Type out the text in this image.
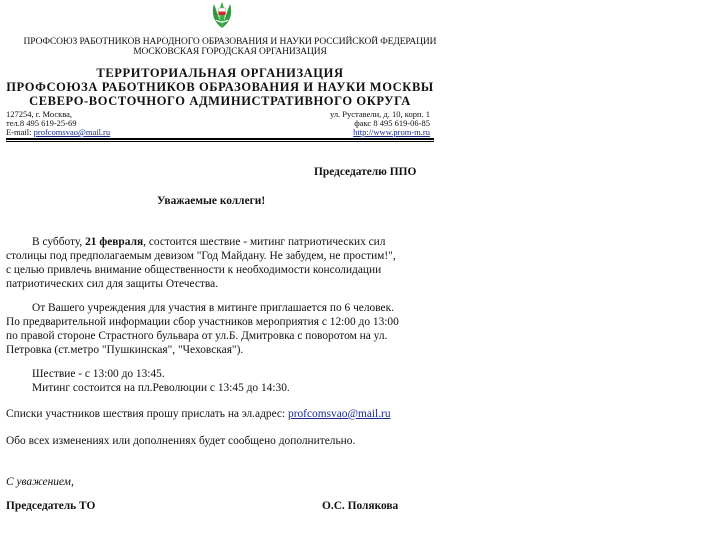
ПРОФСОЮЗ РАБОТНИКОВ НАРОДНОГО ОБРАЗОВАНИЯ И НАУКИ РОССИЙСКОЙ ФЕДЕРАЦИИ
МОСКОВСКАЯ ГОРОДСКАЯ ОРГАНИЗАЦИЯ
ТЕРРИТОРИАЛЬНАЯ ОРГАНИЗАЦИЯ
ПРОФСОЮЗА РАБОТНИКОВ ОБРАЗОВАНИЯ И НАУКИ МОСКВЫ
СЕВЕРО-ВОСТОЧНОГО АДМИНИСТРАТИВНОГО ОКРУГА
127254, г. Москва,
тел.8 495 619-25-69
E-mail: profcomsvao@mail.ru
ул. Руставели, д. 10, корп. 1
факс 8 495 619-06-85
http://www.prom-m.ru
Председателю ППО
Уважаемые коллеги!
В субботу, 21 февраля, состоится шествие - митинг патриотических сил
столицы под предполагаемым девизом "Год Майдану. Не забудем, не простим!",
с целью привлечь внимание общественности к необходимости консолидации
патриотических сил для защиты Отечества.
От Вашего учреждения для участия в митинге приглашается по 6 человек.
По предварительной информации сбор участников мероприятия с 12:00 до 13:00
по правой стороне Страстного бульвара от ул.Б. Дмитровка с поворотом на ул.
Петровка (ст.метро "Пушкинская", "Чеховская").
Шествие - с 13:00 до 13:45.
Митинг состоится на пл.Революции с 13:45 до 14:30.
Списки участников шествия прошу прислать на эл.адрес: profcomsvao@mail.ru
Обо всех изменениях или дополнениях будет сообщено дополнительно.
С уважением,
Председатель ТО	О.С. Полякова
